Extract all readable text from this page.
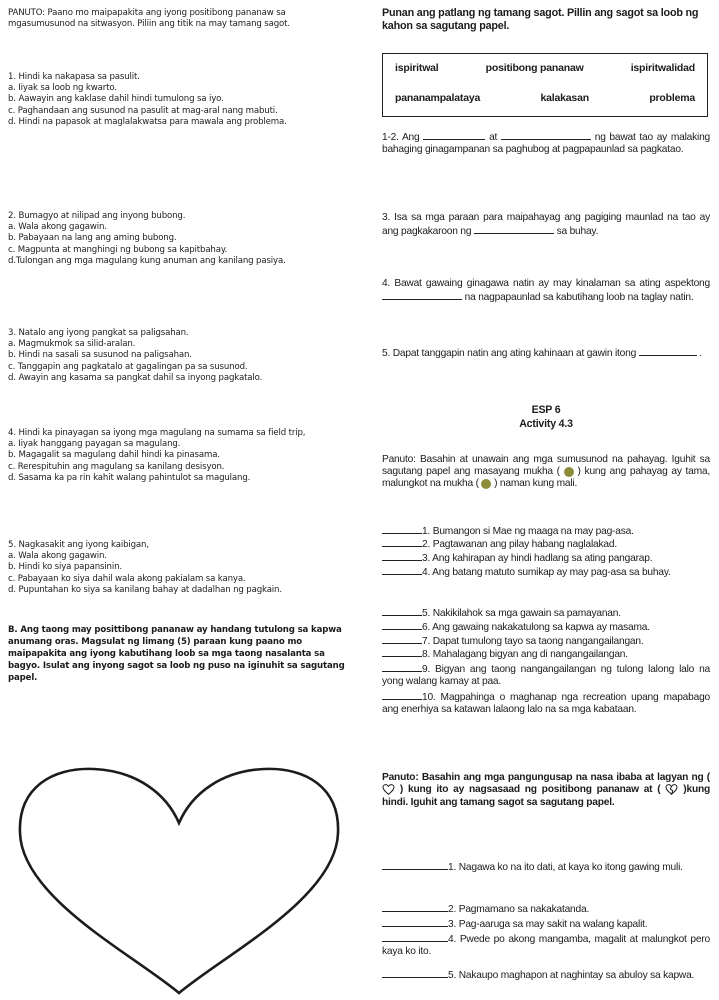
PANUTO: Paano mo maipapakita ang iyong positibong pananaw sa mgasumusunod na sitwasyon. Piliin ang titik na may tamang sagot.

1. Hindi ka nakapasa sa pasulit.

a. Iiyak sa loob ng kwarto.

b. Aawayin ang kaklase dahil hindi tumulong sa iyo.

c. Paghandaan ang susunod na pasulit at mag-aral nang mabuti.

d. Hindi na papasok at maglalakwatsa para mawala ang problema.

2. Bumagyo at nilipad ang inyong bubong.

a. Wala akong gagawin.

b. Pabayaan na lang ang aming bubong.

c. Magpunta at manghingi ng bubong sa kapitbahay.

d.Tulongan ang mga magulang kung anuman ang kanilang pasiya.

3. Natalo ang iyong pangkat sa paligsahan.

a. Magmukmok sa silid-aralan.

b. Hindi na sasali sa susunod na paligsahan.

c. Tanggapin ang pagkatalo at gagalingan pa sa susunod.

d. Awayin ang kasama sa pangkat dahil sa inyong pagkatalo.

4. Hindi ka pinayagan sa iyong mga magulang na sumama sa field trip,

a. Iiyak hanggang payagan sa magulang.

b. Magagalit sa magulang dahil hindi ka pinasama.

c. Rerespituhin ang magulang sa kanilang desisyon.

d. Sasama ka pa rin kahit walang pahintulot sa magulang.

5. Nagkasakit ang iyong kaibigan,

a. Wala akong gagawin.

b. Hindi ko siya papansinin.

c. Pabayaan ko siya dahil wala akong pakialam sa kanya.

d. Pupuntahan ko siya sa kanilang bahay at dadalhan ng pagkain.

B. Ang taong may posittibong pananaw ay handang tutulong sa kapwa anumang oras. Magsulat ng limang (5) paraan kung paano mo maipapakita ang iyong kabutihang loob sa mga taong nasalanta sa bagyo. Isulat ang inyong sagot sa loob ng puso na iginuhit sa sagutang papel.

Punan ang patlang ng tamang sagot. Pillin ang sagot sa loob ng kahon sa sagutang papel.

ispiritwal	positibong pananaw	ispiritwalidad
pananampalataya	kalakasan	problema

1-2. Ang	at	ng bawat tao ay malaking bahaging ginagampanan sa paghubog at pagpapaunlad sa pagkatao.

3. Isa sa mga paraan para maipahayag ang pagiging maunlad na tao ay ang pagkakaroon ng	sa buhay.

4. Bawat gawaing ginagawa natin ay may kinalaman sa ating aspektong  na nagpapaunlad sa kabutihang loob na taglay natin.

5. Dapat tanggapin natin ang ating kahinaan at gawin itong	.

ESP 6

Activity 4.3

Panuto: Basahin at unawain ang mga sumusunod na pahayag. Iguhit sa sagutang papel ang masayang mukha ( ) kung ang pahayag ay tama, malungkot na mukha ( ) naman kung mali.

1. Bumangon si Mae ng maaga na may pag-asa.

2. Pagtawanan ang pilay habang naglalakad.

3. Ang kahirapan ay hindi hadlang sa ating pangarap.

4. Ang batang matuto sumikap ay may pag-asa sa buhay.

5. Nakikilahok sa mga gawain sa pamayanan.

6. Ang gawaing nakakatulong sa kapwa ay masama.

7. Dapat tumulong tayo sa taong nangangailangan.

8. Mahalagang bigyan ang di nangangailangan.

9. Bigyan ang taong nangangailangan ng tulong lalong lalo na yong walang kamay at paa.

10. Magpahinga o maghanap nga recreation upang mapabago ang enerhiya sa katawan lalaong lalo na sa mga kabataan.

Panuto: Basahin ang mga pangungusap na nasa ibaba at lagyan ng (  ) kung ito ay nagsasaad ng positibong pananaw at ( )kung hindi. Iguhit ang tamang sagot sa sagutang papel.

1. Nagawa ko na ito dati, at kaya ko itong gawing muli.

2. Pagmamano sa nakakatanda.

3. Pag-aaruga sa may sakit na walang kapalit.

4. Pwede po akong mangamba, magalit at malungkot pero kaya ko ito.

5. Nakaupo maghapon at naghintay sa abuloy sa kapwa.
